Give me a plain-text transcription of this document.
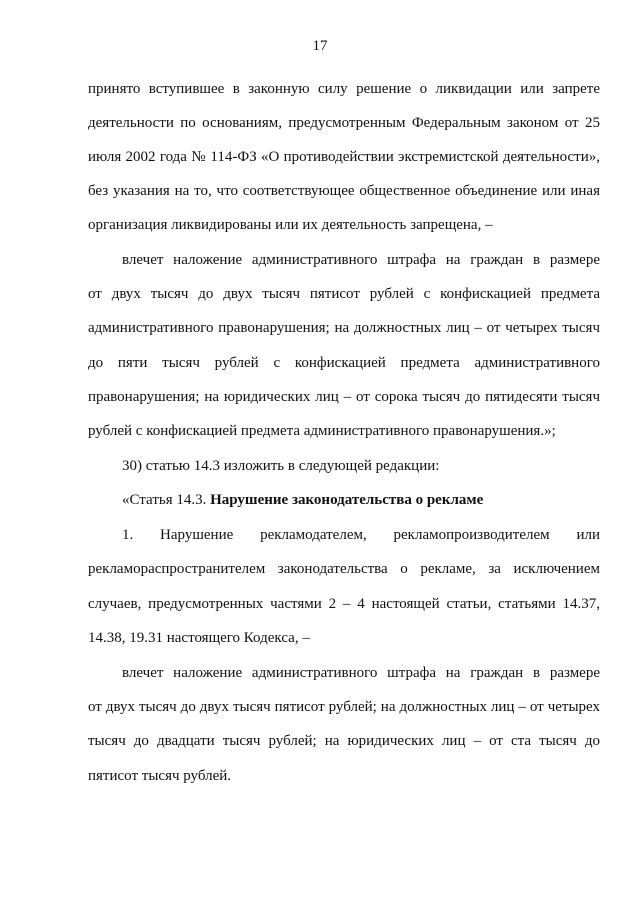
17
принято вступившее в законную силу решение о ликвидации или запрете
деятельности по основаниям, предусмотренным Федеральным законом от 25
июля 2002 года № 114-ФЗ «О противодействии экстремистской деятельности»,
без указания на то, что соответствующее общественное объединение или иная
организация ликвидированы или их деятельность запрещена, –
влечет наложение административного штрафа на граждан в размере
от двух тысяч до двух тысяч пятисот рублей с конфискацией предмета
административного правонарушения; на должностных лиц – от четырех тысяч
до пяти тысяч рублей с конфискацией предмета административного
правонарушения; на юридических лиц – от сорока тысяч до пятидесяти тысяч
рублей с конфискацией предмета административного правонарушения.»;
30) статью 14.3 изложить в следующей редакции:
«Статья 14.3. Нарушение законодательства о рекламе
1. Нарушение рекламодателем, рекламопроизводителем или
рекламораспространителем законодательства о рекламе, за исключением
случаев, предусмотренных частями 2 – 4 настоящей статьи, статьями 14.37,
14.38, 19.31 настоящего Кодекса, –
влечет наложение административного штрафа на граждан в размере
от двух тысяч до двух тысяч пятисот рублей; на должностных лиц – от четырех
тысяч до двадцати тысяч рублей; на юридических лиц – от ста тысяч до
пятисот тысяч рублей.
